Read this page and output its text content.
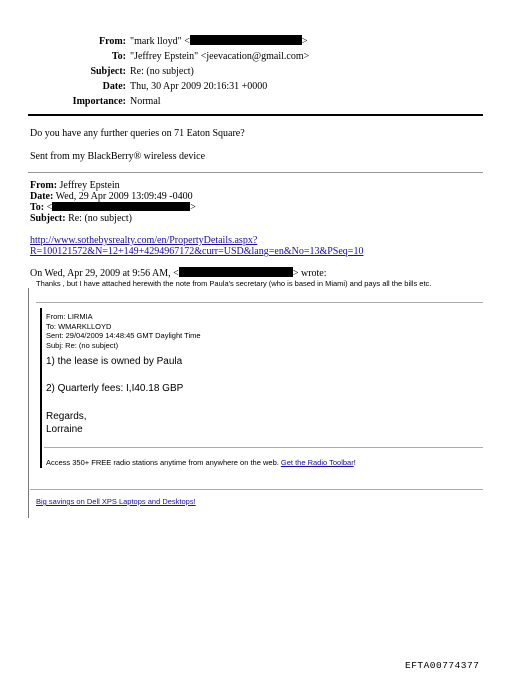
From: "mark lloyd" <	>
To: "Jeffrey Epstein" <jeevacation@gmail.com>
Subject: Re: (no subject)
Date: Thu, 30 Apr 2009 20:16:31 +0000
Importance: Normal
Do you have any further queries on 71 Eaton Square?
Sent from my BlackBerry® wireless device
From: Jeffrey Epstein
Date: Wed, 29 Apr 2009 13:09:49 -0400
To: <	>
Subject: Re: (no subject)
http://www.sothebysrealty.com/en/PropertyDetails.aspx?
R=100121572&N=12+149+4294967172&curr=USD&lang=en&No=13&PSeq=10
On Wed, Apr 29, 2009 at 9:56 AM, <	> wrote:
Thanks , but I have attached herewith the note from Paula's secretary (who is based in Miami) and pays all the bills etc.
From: LIRMIA
To: WMARKLLOYD
Sent: 29/04/2009 14:48:45 GMT Daylight Time
Subj: Re: (no subject)
1) the lease is owned by Paula
2) Quarterly fees: I,I40.18 GBP
Regards,
Lorraine
Access 350+ FREE radio stations anytime from anywhere on the web. Get the Radio Toolbar!
Big savings on Dell XPS Laptops and Desktops!
EFTA00774377
